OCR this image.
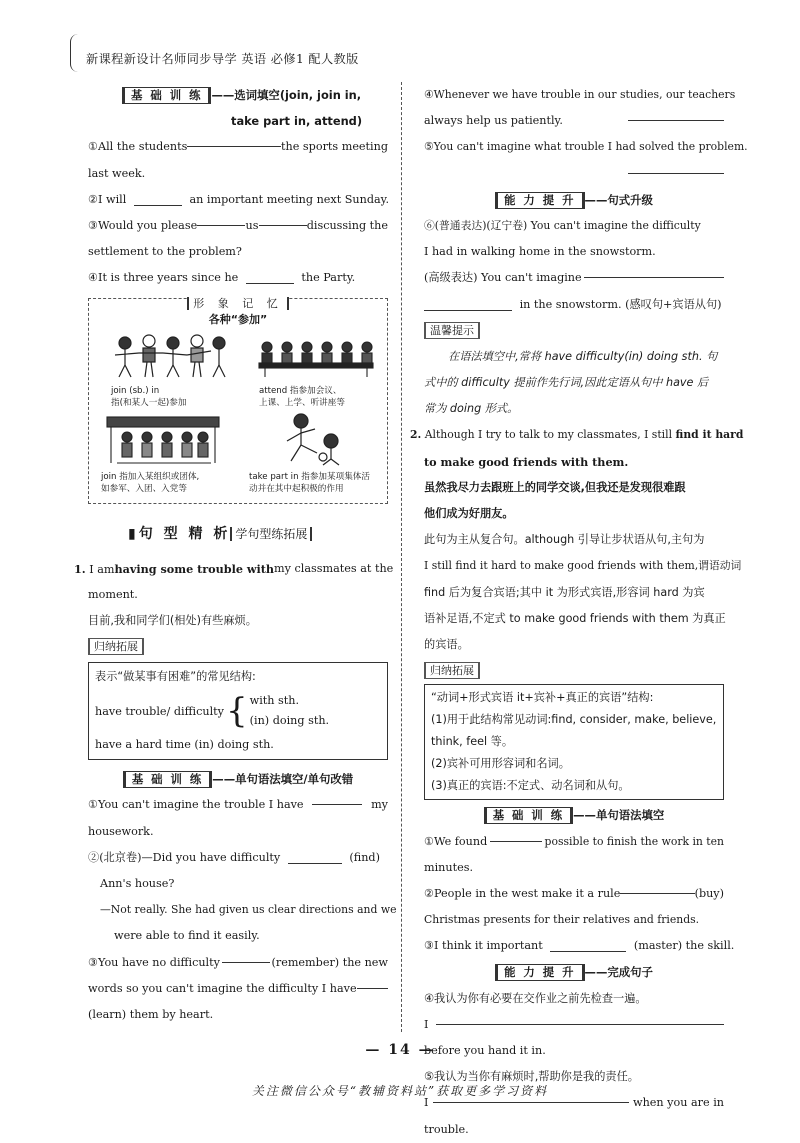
新课程新设计名师同步导学 英语 必修1 配人教版
基 础 训 练 ——选词填空(join, join in,
take part in, attend)
①All the students	the sports meeting
last week.
②I will	an important meeting next Sunday.
③Would you please	us	discussing the
settlement to the problem?
④It is three years since he	the Party.
形 象 记 忆
各种“参加”
join (sb.) in
指(和某人一起)参加
attend 指参加会议、
上课、上学、听讲座等
join 指加入某组织或团体,
如参军、入团、入党等
take part in 指参加某项集体活
动并在其中起积极的作用
▮句 型 精 析 学句型练拓展
1. I am having some trouble with my classmates at the
moment.
目前,我和同学们(相处)有些麻烦。
归纳拓展
表示“做某事有困难”的常见结构:
have trouble/ difficulty { with sth.
(in) doing sth.
have a hard time (in) doing sth.
基 础 训 练 ——单句语法填空/单句改错
①You can't imagine the trouble I have	my
housework.
②(北京卷)—Did you have difficulty	(find)
Ann's house?
—Not really. She had given us clear directions and we
were able to find it easily.
③You have no difficulty	(remember) the new
words so you can't imagine the difficulty I have
(learn) them by heart.
④Whenever we have trouble in our studies, our teachers
always help us patiently.
⑤You can't imagine what trouble I had solved the problem.
能 力 提 升 ——句式升级
⑥(普通表达)(辽宁卷) You can't imagine the difficulty
I had in walking home in the snowstorm.
(高级表达) You can't imagine
in the snowstorm. (感叹句+宾语从句)
温馨提示
在语法填空中,常将 have difficulty(in) doing sth. 句
式中的 difficulty 提前作先行词,因此定语从句中 have 后
常为 doing 形式。
2. Although I try to talk to my classmates, I still find it hard
to make good friends with them.
虽然我尽力去跟班上的同学交谈,但我还是发现很难跟
他们成为好朋友。
此句为主从复合句。although 引导让步状语从句,主句为
I still find it hard to make good friends with them,谓语动词
find 后为复合宾语;其中 it 为形式宾语,形容词 hard 为宾
语补足语,不定式 to make good friends with them 为真正
的宾语。
归纳拓展
“动词+形式宾语 it+宾补+真正的宾语”结构:
(1)用于此结构常见动词:find, consider, make, believe,
think, feel 等。
(2)宾补可用形容词和名词。
(3)真正的宾语:不定式、动名词和从句。
基 础 训 练 ——单句语法填空
①We found	possible to finish the work in ten
minutes.
②People in the west make it a rule	(buy)
Christmas presents for their relatives and friends.
③I think it important	(master) the skill.
能 力 提 升 ——完成句子
④我认为你有必要在交作业之前先检查一遍。
I
before you hand it in.
⑤我认为当你有麻烦时,帮助你是我的责任。
I	when you are in
trouble.
— 14 —
关注微信公众号“教辅资料站”获取更多学习资料
